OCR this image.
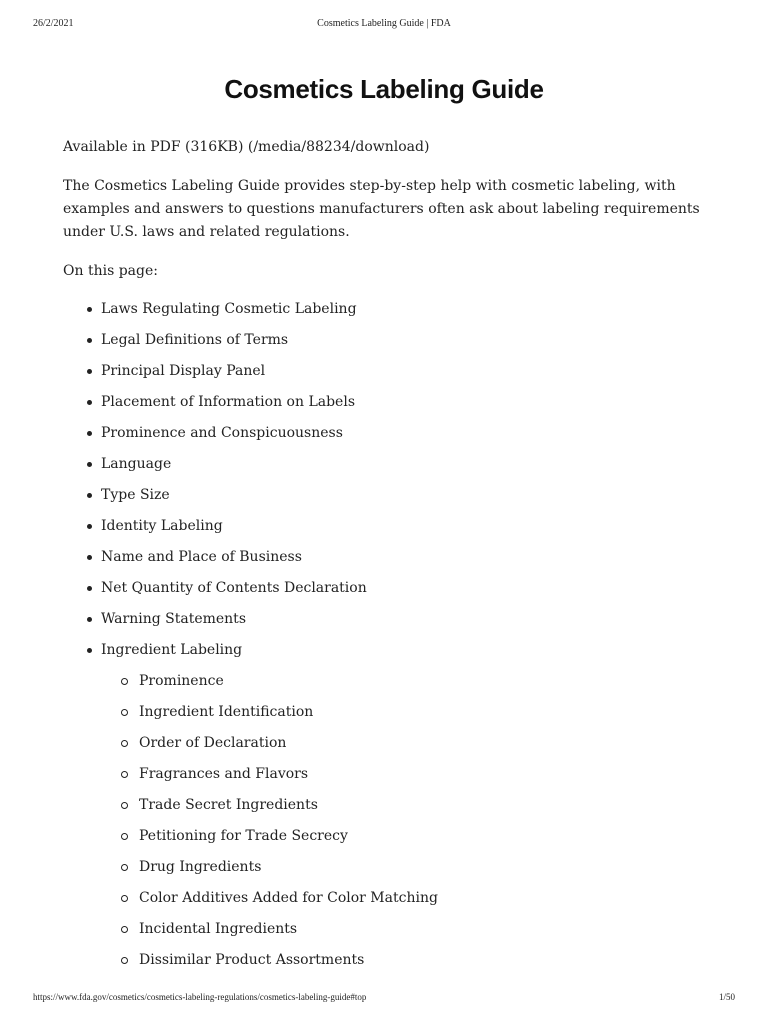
26/2/2021	Cosmetics Labeling Guide | FDA
Cosmetics Labeling Guide

Available in PDF (316KB) (/media/88234/download)

The Cosmetics Labeling Guide provides step-by-step help with cosmetic labeling, with examples and answers to questions manufacturers often ask about labeling requirements under U.S. laws and related regulations.

On this page:

Laws Regulating Cosmetic Labeling
Legal Definitions of Terms
Principal Display Panel
Placement of Information on Labels
Prominence and Conspicuousness
Language
Type Size
Identity Labeling
Name and Place of Business
Net Quantity of Contents Declaration
Warning Statements
Ingredient Labeling
Prominence
Ingredient Identification
Order of Declaration
Fragrances and Flavors
Trade Secret Ingredients
Petitioning for Trade Secrecy
Drug Ingredients
Color Additives Added for Color Matching
Incidental Ingredients
Dissimilar Product Assortments
https://www.fda.gov/cosmetics/cosmetics-labeling-regulations/cosmetics-labeling-guide#top	1/50
